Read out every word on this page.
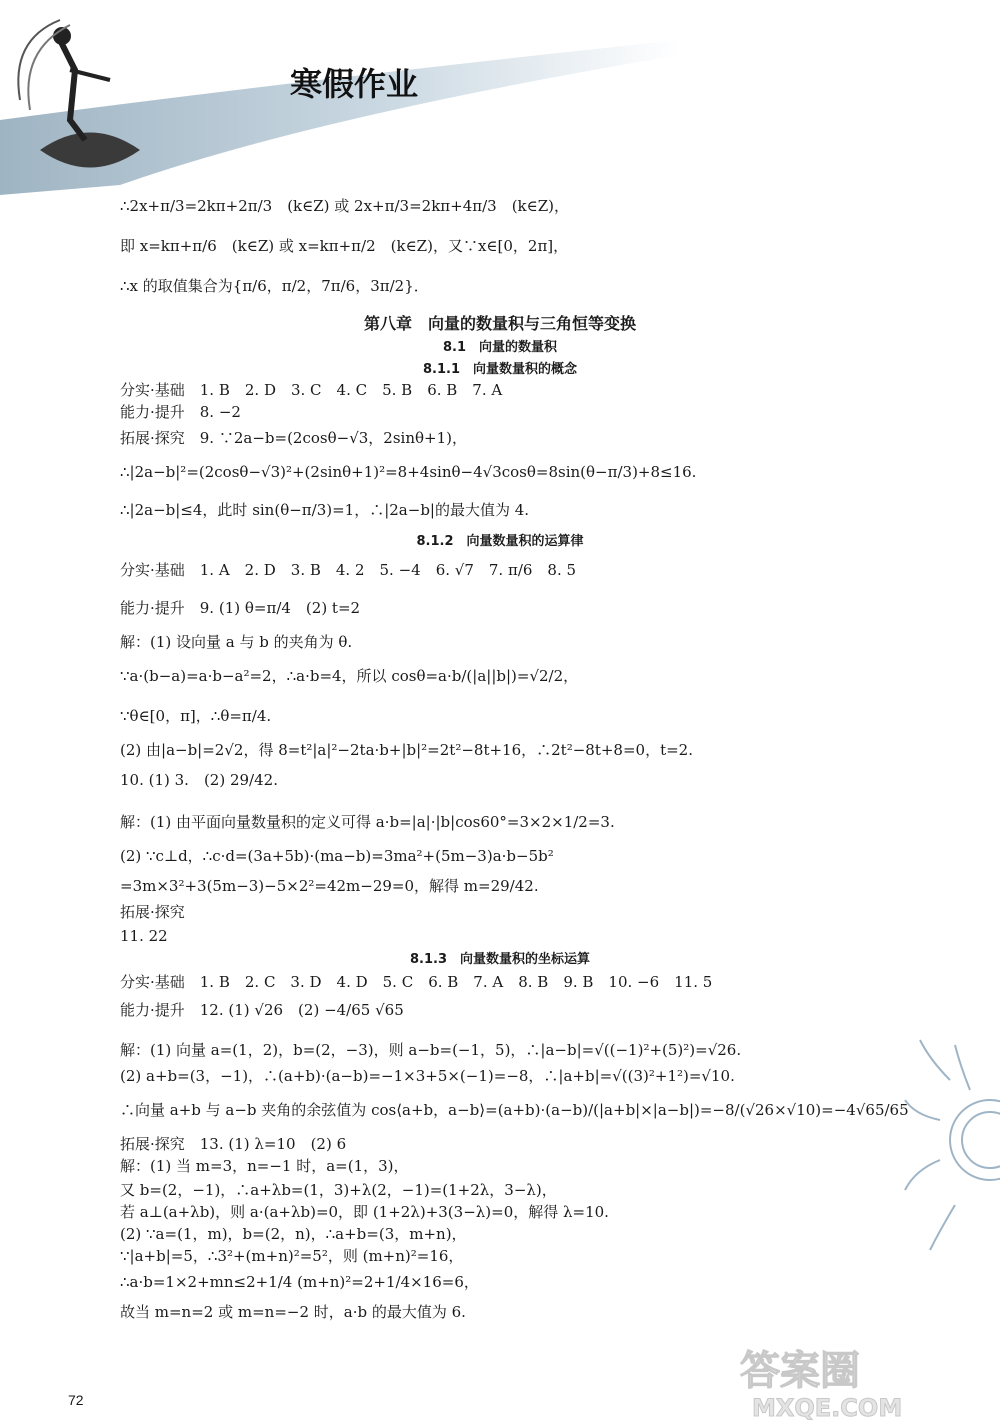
寒假作业
∴2x+π/3=2kπ+2π/3　(k∈Z) 或 2x+π/3=2kπ+4π/3　(k∈Z)，
即 x=kπ+π/6　(k∈Z) 或 x=kπ+π/2　(k∈Z)，又∵x∈[0，2π]，
∴x 的取值集合为{π/6，π/2，7π/6，3π/2}．
第八章　向量的数量积与三角恒等变换
8.1　向量的数量积
8.1.1　向量数量积的概念
分实·基础　1. B　2. D　3. C　4. C　5. B　6. B　7. A
能力·提升　8. −2
拓展·探究　9. ∵2a−b=(2cosθ−√3，2sinθ+1)，
∴|2a−b|²=(2cosθ−√3)²+(2sinθ+1)²=8+4sinθ−4√3cosθ=8sin(θ−π/3)+8≤16.
∴|2a−b|≤4，此时 sin(θ−π/3)=1，∴|2a−b|的最大值为 4.
8.1.2　向量数量积的运算律
分实·基础　1. A　2. D　3. B　4. 2　5. −4　6. √7　7. π/6　8. 5
能力·提升　9. (1) θ=π/4　(2) t=2
解：(1) 设向量 a 与 b 的夹角为 θ.
∵a·(b−a)=a·b−a²=2，∴a·b=4，所以 cosθ=a·b/(|a||b|)=√2/2，
∵θ∈[0，π]，∴θ=π/4.
(2) 由|a−b|=2√2，得 8=t²|a|²−2ta·b+|b|²=2t²−8t+16，∴2t²−8t+8=0，t=2.
10. (1) 3.　(2) 29/42.
解：(1) 由平面向量数量积的定义可得 a·b=|a|·|b|cos60°=3×2×1/2=3.
(2) ∵c⊥d，∴c·d=(3a+5b)·(ma−b)=3ma²+(5m−3)a·b−5b²
=3m×3²+3(5m−3)−5×2²=42m−29=0，解得 m=29/42.
拓展·探究
11. 22
8.1.3　向量数量积的坐标运算
分实·基础　1. B　2. C　3. D　4. D　5. C　6. B　7. A　8. B　9. B　10. −6　11. 5
能力·提升　12. (1) √26　(2) −4/65 √65
解：(1) 向量 a=(1，2)，b=(2，−3)，则 a−b=(−1，5)，∴|a−b|=√((−1)²+(5)²)=√26.
(2) a+b=(3，−1)，∴(a+b)·(a−b)=−1×3+5×(−1)=−8，∴|a+b|=√((3)²+1²)=√10.
∴向量 a+b 与 a−b 夹角的余弦值为 cos⟨a+b，a−b⟩=(a+b)·(a−b)/(|a+b|×|a−b|)=−8/(√26×√10)=−4√65/65
拓展·探究　13. (1) λ=10　(2) 6
解：(1) 当 m=3，n=−1 时，a=(1，3)，
又 b=(2，−1)，∴a+λb=(1，3)+λ(2，−1)=(1+2λ，3−λ)，
若 a⊥(a+λb)，则 a·(a+λb)=0，即 (1+2λ)+3(3−λ)=0，解得 λ=10.
(2) ∵a=(1，m)，b=(2，n)，∴a+b=(3，m+n)，
∵|a+b|=5，∴3²+(m+n)²=5²，则 (m+n)²=16，
∴a·b=1×2+mn≤2+1/4 (m+n)²=2+1/4×16=6，
故当 m=n=2 或 m=n=−2 时，a·b 的最大值为 6.
72
答案圈
MXQE.COM
